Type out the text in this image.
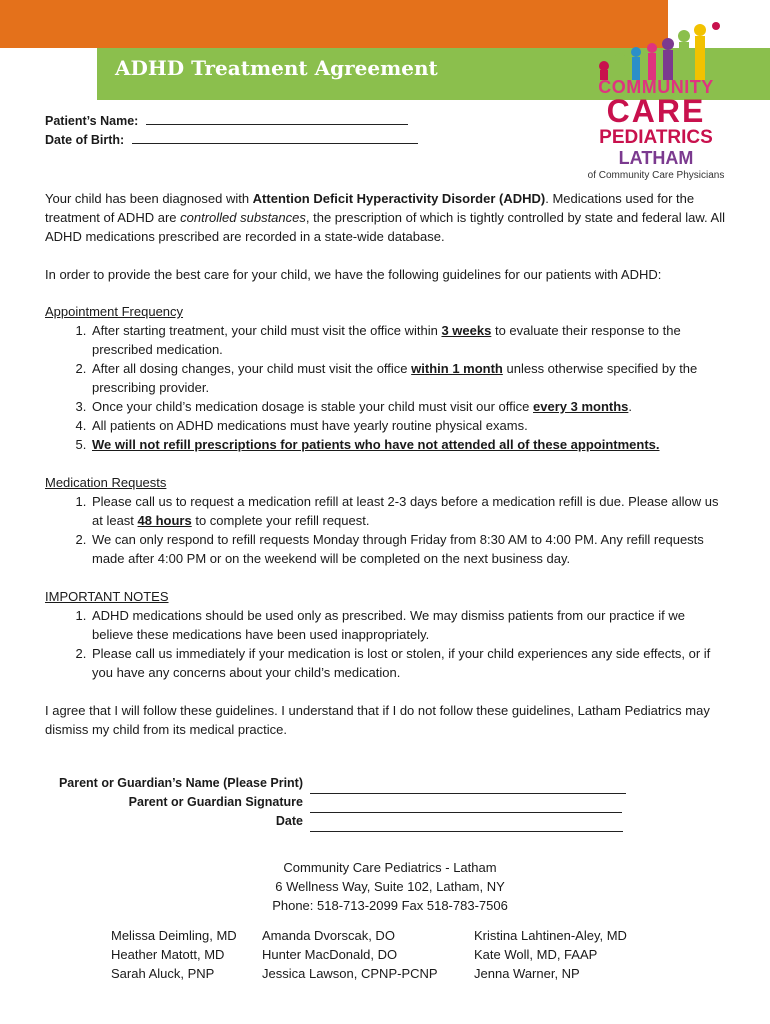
ADHD Treatment Agreement
COMMUNITY
CARE
PEDIATRICS
LATHAM
of Community Care Physicians
Patient’s Name:
Date of Birth:

Your child has been diagnosed with Attention Deficit Hyperactivity Disorder (ADHD). Medications used for the treatment of ADHD are controlled substances, the prescription of which is tightly controlled by state and federal law. All ADHD medications prescribed are recorded in a state-wide database.

In order to provide the best care for your child, we have the following guidelines for our patients with ADHD:

Appointment Frequency
1. After starting treatment, your child must visit the office within 3 weeks to evaluate their response to the prescribed medication.
2. After all dosing changes, your child must visit the office within 1 month unless otherwise specified by the prescribing provider.
3. Once your child’s medication dosage is stable your child must visit our office every 3 months.
4. All patients on ADHD medications must have yearly routine physical exams.
5. We will not refill prescriptions for patients who have not attended all of these appointments.
Medication Requests
1. Please call us to request a medication refill at least 2-3 days before a medication refill is due. Please allow us at least 48 hours to complete your refill request.
2. We can only respond to refill requests Monday through Friday from 8:30 AM to 4:00 PM. Any refill requests made after 4:00 PM or on the weekend will be completed on the next business day.
IMPORTANT NOTES
1. ADHD medications should be used only as prescribed. We may dismiss patients from our practice if we believe these medications have been used inappropriately.
2. Please call us immediately if your medication is lost or stolen, if your child experiences any side effects, or if you have any concerns about your child’s medication.

I agree that I will follow these guidelines. I understand that if I do not follow these guidelines, Latham Pediatrics may dismiss my child from its medical practice.

Parent or Guardian’s Name (Please Print)
Parent or Guardian Signature
Date
Community Care Pediatrics - Latham
6 Wellness Way, Suite 102, Latham, NY
Phone: 518-713-2099 Fax 518-783-7506
Melissa Deimling, MD
Heather Matott, MD
Sarah Aluck, PNP
Amanda Dvorscak, DO
Hunter MacDonald, DO
Jessica Lawson, CPNP-PCNP
Kristina Lahtinen-Aley, MD
Kate Woll, MD, FAAP
Jenna Warner, NP
